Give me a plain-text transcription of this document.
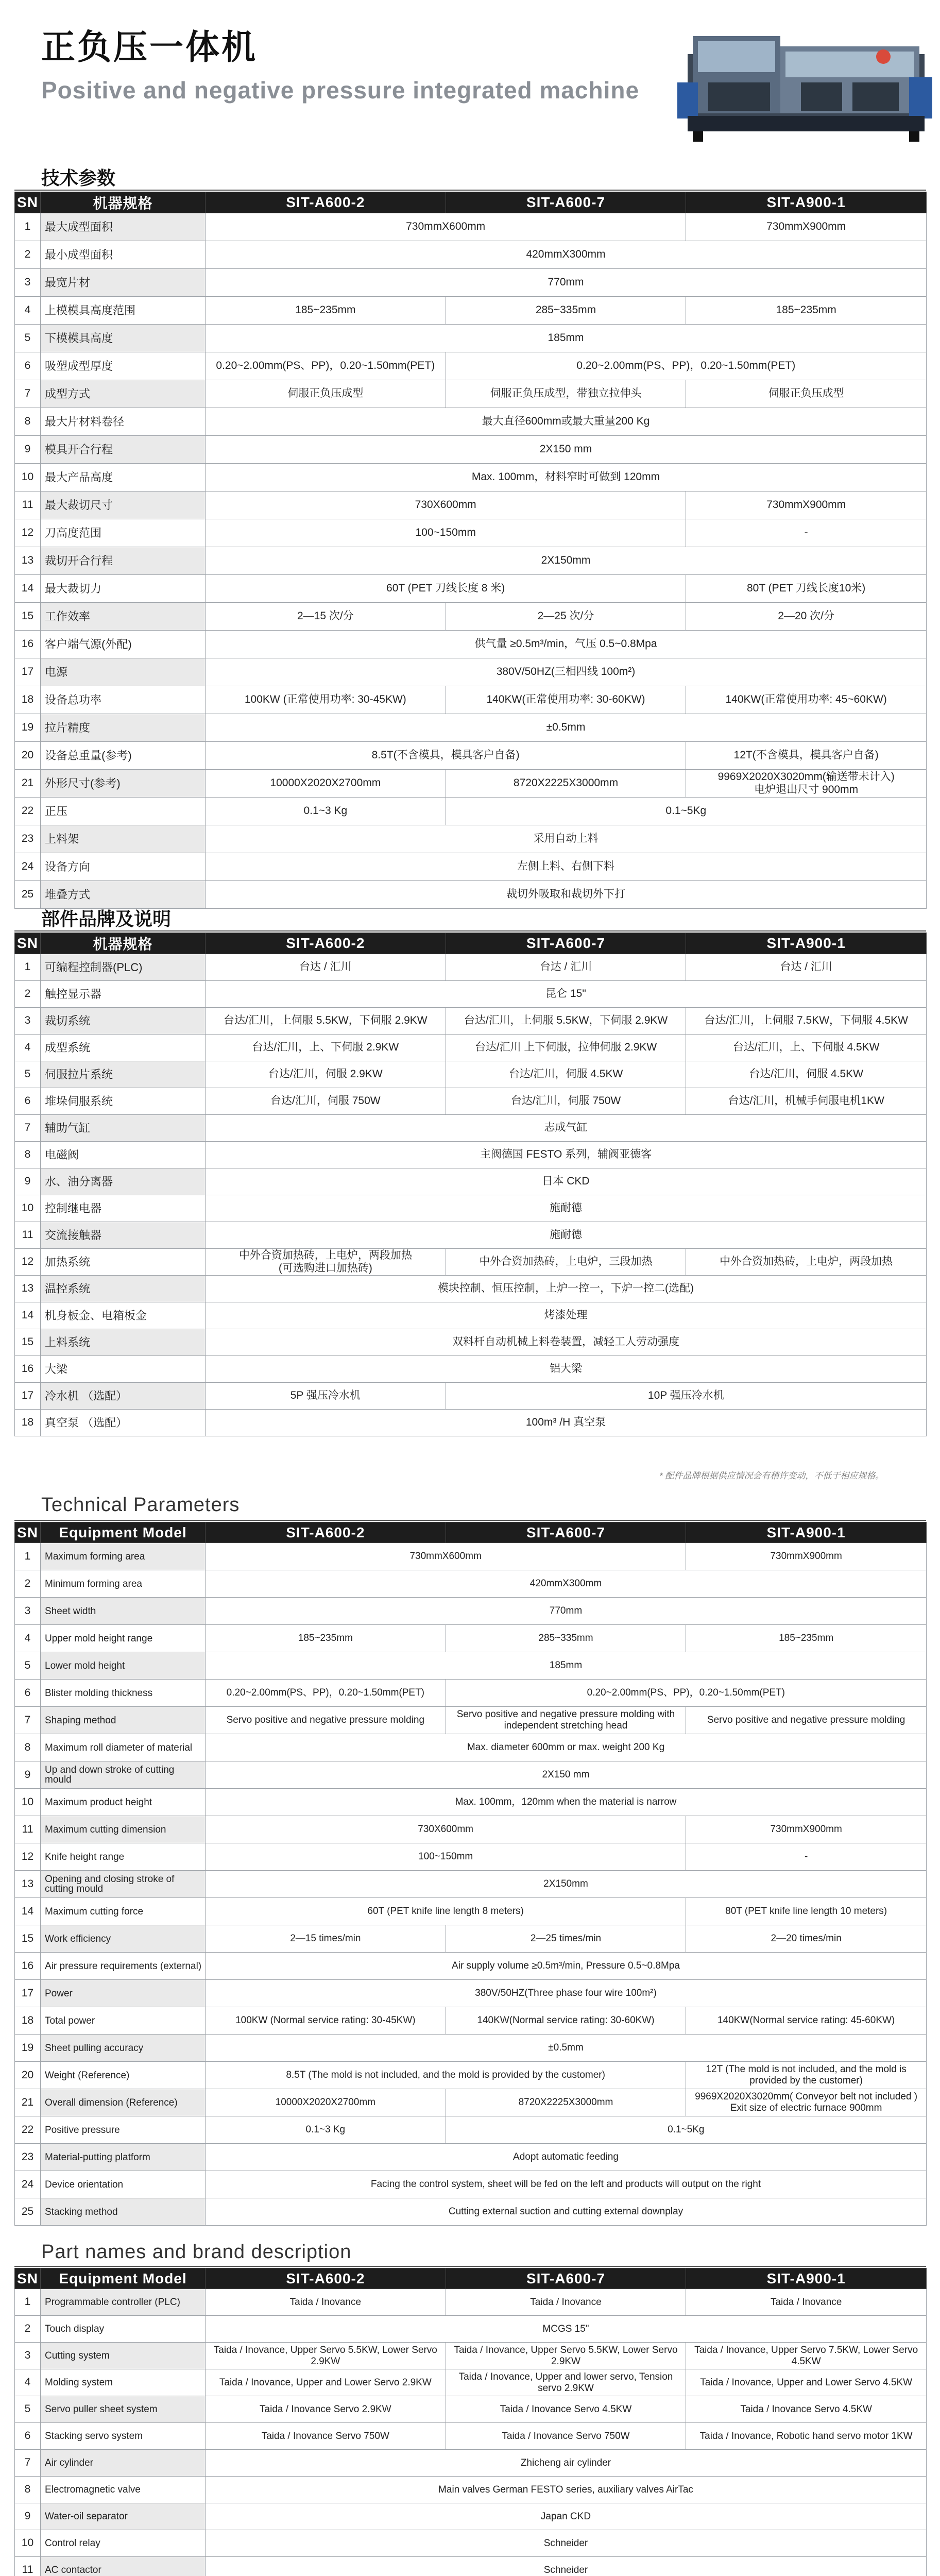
正负压一体机
Positive and negative pressure integrated machine
技术参数
SN	机器规格	SIT-A600-2	SIT-A600-7	SIT-A900-1
1	最大成型面积	730mmX600mm		730mmX900mm
2	最小成型面积	420mmX300mm		
3	最宽片材	770mm		
4	上模模具高度范围	185~235mm	285~335mm	185~235mm
5	下模模具高度	185mm		
6	吸塑成型厚度	0.20~2.00mm(PS、PP)，0.20~1.50mm(PET)	0.20~2.00mm(PS、PP)，0.20~1.50mm(PET)	
7	成型方式	伺服正负压成型	伺服正负压成型，带独立拉伸头	伺服正负压成型
8	最大片材料卷径	最大直径600mm或最大重量200 Kg		
9	模具开合行程	2X150 mm		
10	最大产品高度	Max. 100mm，材料窄时可做到 120mm		
11	最大裁切尺寸	730X600mm		730mmX900mm
12	刀高度范围	100~150mm		-
13	裁切开合行程	2X150mm		
14	最大裁切力	60T (PET 刀线长度 8 米)		80T (PET 刀线长度10米)
15	工作效率	2—15 次/分	2—25 次/分	2—20 次/分
16	客户端气源(外配)	供气量 ≥0.5m³/min，气压 0.5~0.8Mpa		
17	电源	380V/50HZ(三相四线 100m²)		
18	设备总功率	100KW (正常使用功率: 30-45KW)	140KW(正常使用功率: 30-60KW)	140KW(正常使用功率: 45~60KW)
19	拉片精度	±0.5mm		
20	设备总重量(参考)	8.5T(不含模具，模具客户自备)		12T(不含模具，模具客户自备)
21	外形尺寸(参考)	10000X2020X2700mm	8720X2225X3000mm	9969X2020X3020mm(输送带未计入)
电炉退出尺寸 900mm
22	正压	0.1~3 Kg	0.1~5Kg	
23	上料架	采用自动上料		
24	设备方向	左侧上料、右侧下料		
25	堆叠方式	裁切外吸取和裁切外下打		
部件品牌及说明
SN	机器规格	SIT-A600-2	SIT-A600-7	SIT-A900-1
1	可编程控制器(PLC)	台达 / 汇川	台达 / 汇川	台达 / 汇川
2	触控显示器	昆仑 15"		
3	裁切系统	台达/汇川，上伺服 5.5KW，下伺服 2.9KW	台达/汇川，上伺服 5.5KW，下伺服 2.9KW	台达/汇川，上伺服 7.5KW，下伺服 4.5KW
4	成型系统	台达/汇川，上、下伺服 2.9KW	台达/汇川 上下伺服，拉伸伺服 2.9KW	台达/汇川，上、下伺服 4.5KW
5	伺服拉片系统	台达/汇川，伺服 2.9KW	台达/汇川，伺服 4.5KW	台达/汇川，伺服 4.5KW
6	堆垛伺服系统	台达/汇川，伺服 750W	台达/汇川，伺服 750W	台达/汇川，机械手伺服电机1KW
7	辅助气缸	志成气缸		
8	电磁阀	主阀德国 FESTO 系列，辅阀亚德客		
9	水、油分离器	日本 CKD		
10	控制继电器	施耐德		
11	交流接触器	施耐德		
12	加热系统	中外合资加热砖，上电炉，两段加热
(可选购进口加热砖)	中外合资加热砖，上电炉，三段加热	中外合资加热砖，上电炉，两段加热
13	温控系统	模块控制、恒压控制，上炉一控一，下炉一控二(选配)		
14	机身板金、电箱板金	烤漆处理		
15	上料系统	双料杆自动机械上料卷装置，减轻工人劳动强度		
16	大梁	铝大梁		
17	冷水机 （选配）	5P 强压冷水机	10P 强压冷水机	
18	真空泵 （选配）	100m³ /H 真空泵		
* 配件品牌根据供应情况会有稍许变动，不低于相应规格。
Technical Parameters
SN	Equipment Model	SIT-A600-2	SIT-A600-7	SIT-A900-1
1	Maximum forming area	730mmX600mm		730mmX900mm
2	Minimum forming area	420mmX300mm		
3	Sheet width	770mm		
4	Upper mold height range	185~235mm	285~335mm	185~235mm
5	Lower mold height	185mm		
6	Blister molding thickness	0.20~2.00mm(PS、PP)，0.20~1.50mm(PET)	0.20~2.00mm(PS、PP)，0.20~1.50mm(PET)	
7	Shaping method	Servo positive and negative pressure molding	Servo positive and negative pressure molding with independent stretching head	Servo positive and negative pressure molding
8	Maximum roll diameter of material	Max. diameter 600mm or max. weight 200 Kg		
9	Up and down stroke of cutting mould	2X150 mm		
10	Maximum product height	Max. 100mm，120mm when the material is narrow		
11	Maximum cutting dimension	730X600mm		730mmX900mm
12	Knife height range	100~150mm		-
13	Opening and closing stroke of cutting mould	2X150mm		
14	Maximum cutting force	60T (PET knife line length 8 meters)		80T (PET knife line length 10 meters)
15	Work efficiency	2—15 times/min	2—25 times/min	2—20 times/min
16	Air pressure requirements (external)	Air supply volume ≥0.5m³/min, Pressure 0.5~0.8Mpa		
17	Power	380V/50HZ(Three phase four wire 100m²)		
18	Total power	100KW (Normal service rating: 30-45KW)	140KW(Normal service rating: 30-60KW)	140KW(Normal service rating: 45-60KW)
19	Sheet pulling accuracy	±0.5mm		
20	Weight (Reference)	8.5T (The mold is not included, and the mold is provided by the customer)		12T (The mold is not included, and the mold is provided by the customer)
21	Overall dimension (Reference)	10000X2020X2700mm	8720X2225X3000mm	9969X2020X3020mm( Conveyor belt not included ) Exit size of electric furnace 900mm
22	Positive pressure	0.1~3 Kg	0.1~5Kg	
23	Material-putting platform	Adopt automatic feeding		
24	Device orientation	Facing the control system, sheet will be fed on the left and products will output on the right		
25	Stacking method	Cutting external suction and cutting external downplay		
Part names and brand description
SN	Equipment Model	SIT-A600-2	SIT-A600-7	SIT-A900-1
1	Programmable controller (PLC)	Taida / Inovance	Taida / Inovance	Taida / Inovance
2	Touch display	MCGS 15"		
3	Cutting system	Taida / Inovance, Upper Servo 5.5KW, Lower Servo 2.9KW	Taida / Inovance, Upper Servo 5.5KW, Lower Servo 2.9KW	Taida / Inovance, Upper Servo 7.5KW, Lower Servo 4.5KW
4	Molding system	Taida / Inovance, Upper and Lower Servo 2.9KW	Taida / Inovance, Upper and lower servo, Tension servo 2.9KW	Taida / Inovance, Upper and Lower Servo 4.5KW
5	Servo puller sheet system	Taida / Inovance Servo 2.9KW	Taida / Inovance Servo 4.5KW	Taida / Inovance Servo 4.5KW
6	Stacking servo system	Taida / Inovance Servo 750W	Taida / Inovance Servo 750W	Taida / Inovance, Robotic hand servo motor 1KW
7	Air cylinder	Zhicheng air cylinder		
8	Electromagnetic valve	Main valves German FESTO series, auxiliary valves AirTac		
9	Water-oil separator	Japan CKD		
10	Control relay	Schneider		
11	AC contactor	Schneider		
